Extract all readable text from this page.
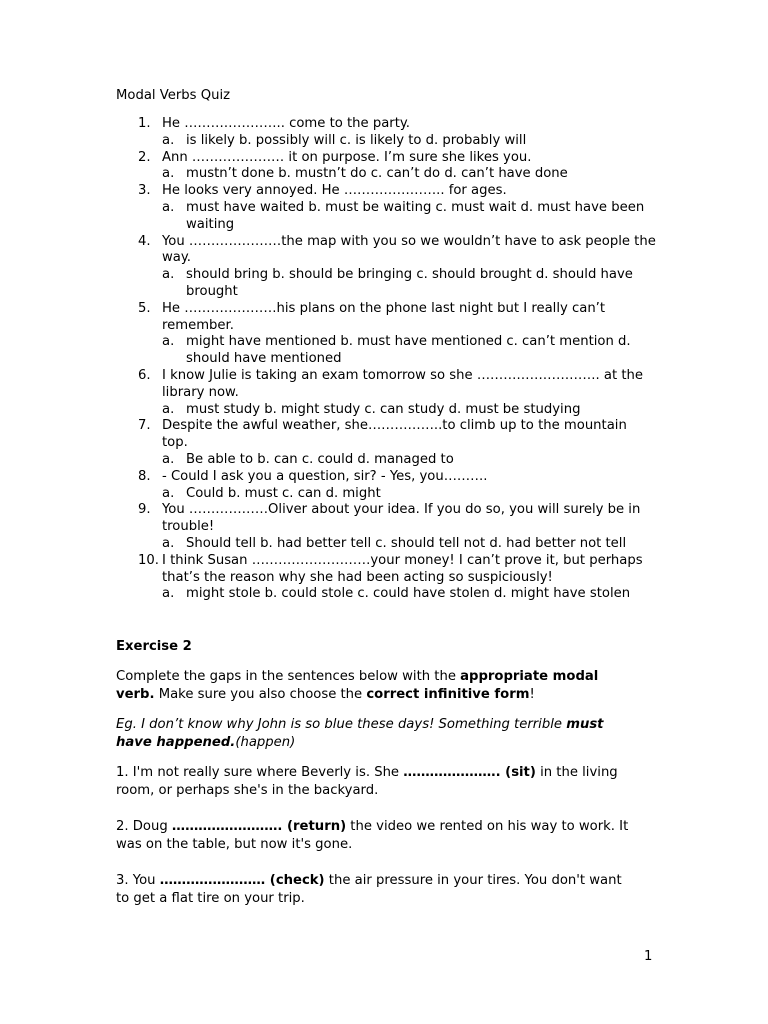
Modal Verbs Quiz
1. He ………………….. come to the party.
a. is likely b. possibly will c. is likely to d. probably will
2. Ann ………………… it on purpose. I’m sure she likes you.
a. mustn’t done b. mustn’t do c. can’t do d. can’t have done
3. He looks very annoyed. He ………………….. for ages.
a. must have waited b. must be waiting c. must wait d. must have been waiting
4. You …………………the map with you so we wouldn’t have to ask people the way.
a. should bring b. should be bringing c. should brought d. should have brought
5. He …………………his plans on the phone last night but I really can’t remember.
a. might have mentioned b. must have mentioned c. can’t mention d. should have mentioned
6. I know Julie is taking an exam tomorrow so she ………………………. at the library now.
a. must study b. might study c. can study d. must be studying
7. Despite the awful weather, she……………..to climb up to the mountain top.
a. Be able to b. can c. could d. managed to
8. - Could I ask you a question, sir? - Yes, you……….
a. Could b. must c. can d. might
9. You ………………Oliver about your idea. If you do so, you will surely be in trouble!
a. Should tell b. had better tell c. should tell not d. had better not tell
10. I think Susan ………………………your money! I can’t prove it, but perhaps that’s the reason why she had been acting so suspiciously!
a. might stole b. could stole c. could have stolen d. might have stolen
Exercise 2
Complete the gaps in the sentences below with the appropriate modal verb. Make sure you also choose the correct infinitive form!
Eg. I don’t know why John is so blue these days! Something terrible must have happened.(happen)
1. I'm not really sure where Beverly is. She …………………. (sit) in the living room, or perhaps she's in the backyard.
2. Doug ……………………. (return) the video we rented on his way to work. It was on the table, but now it's gone.
3. You …………………… (check) the air pressure in your tires. You don't want to get a flat tire on your trip.
1
